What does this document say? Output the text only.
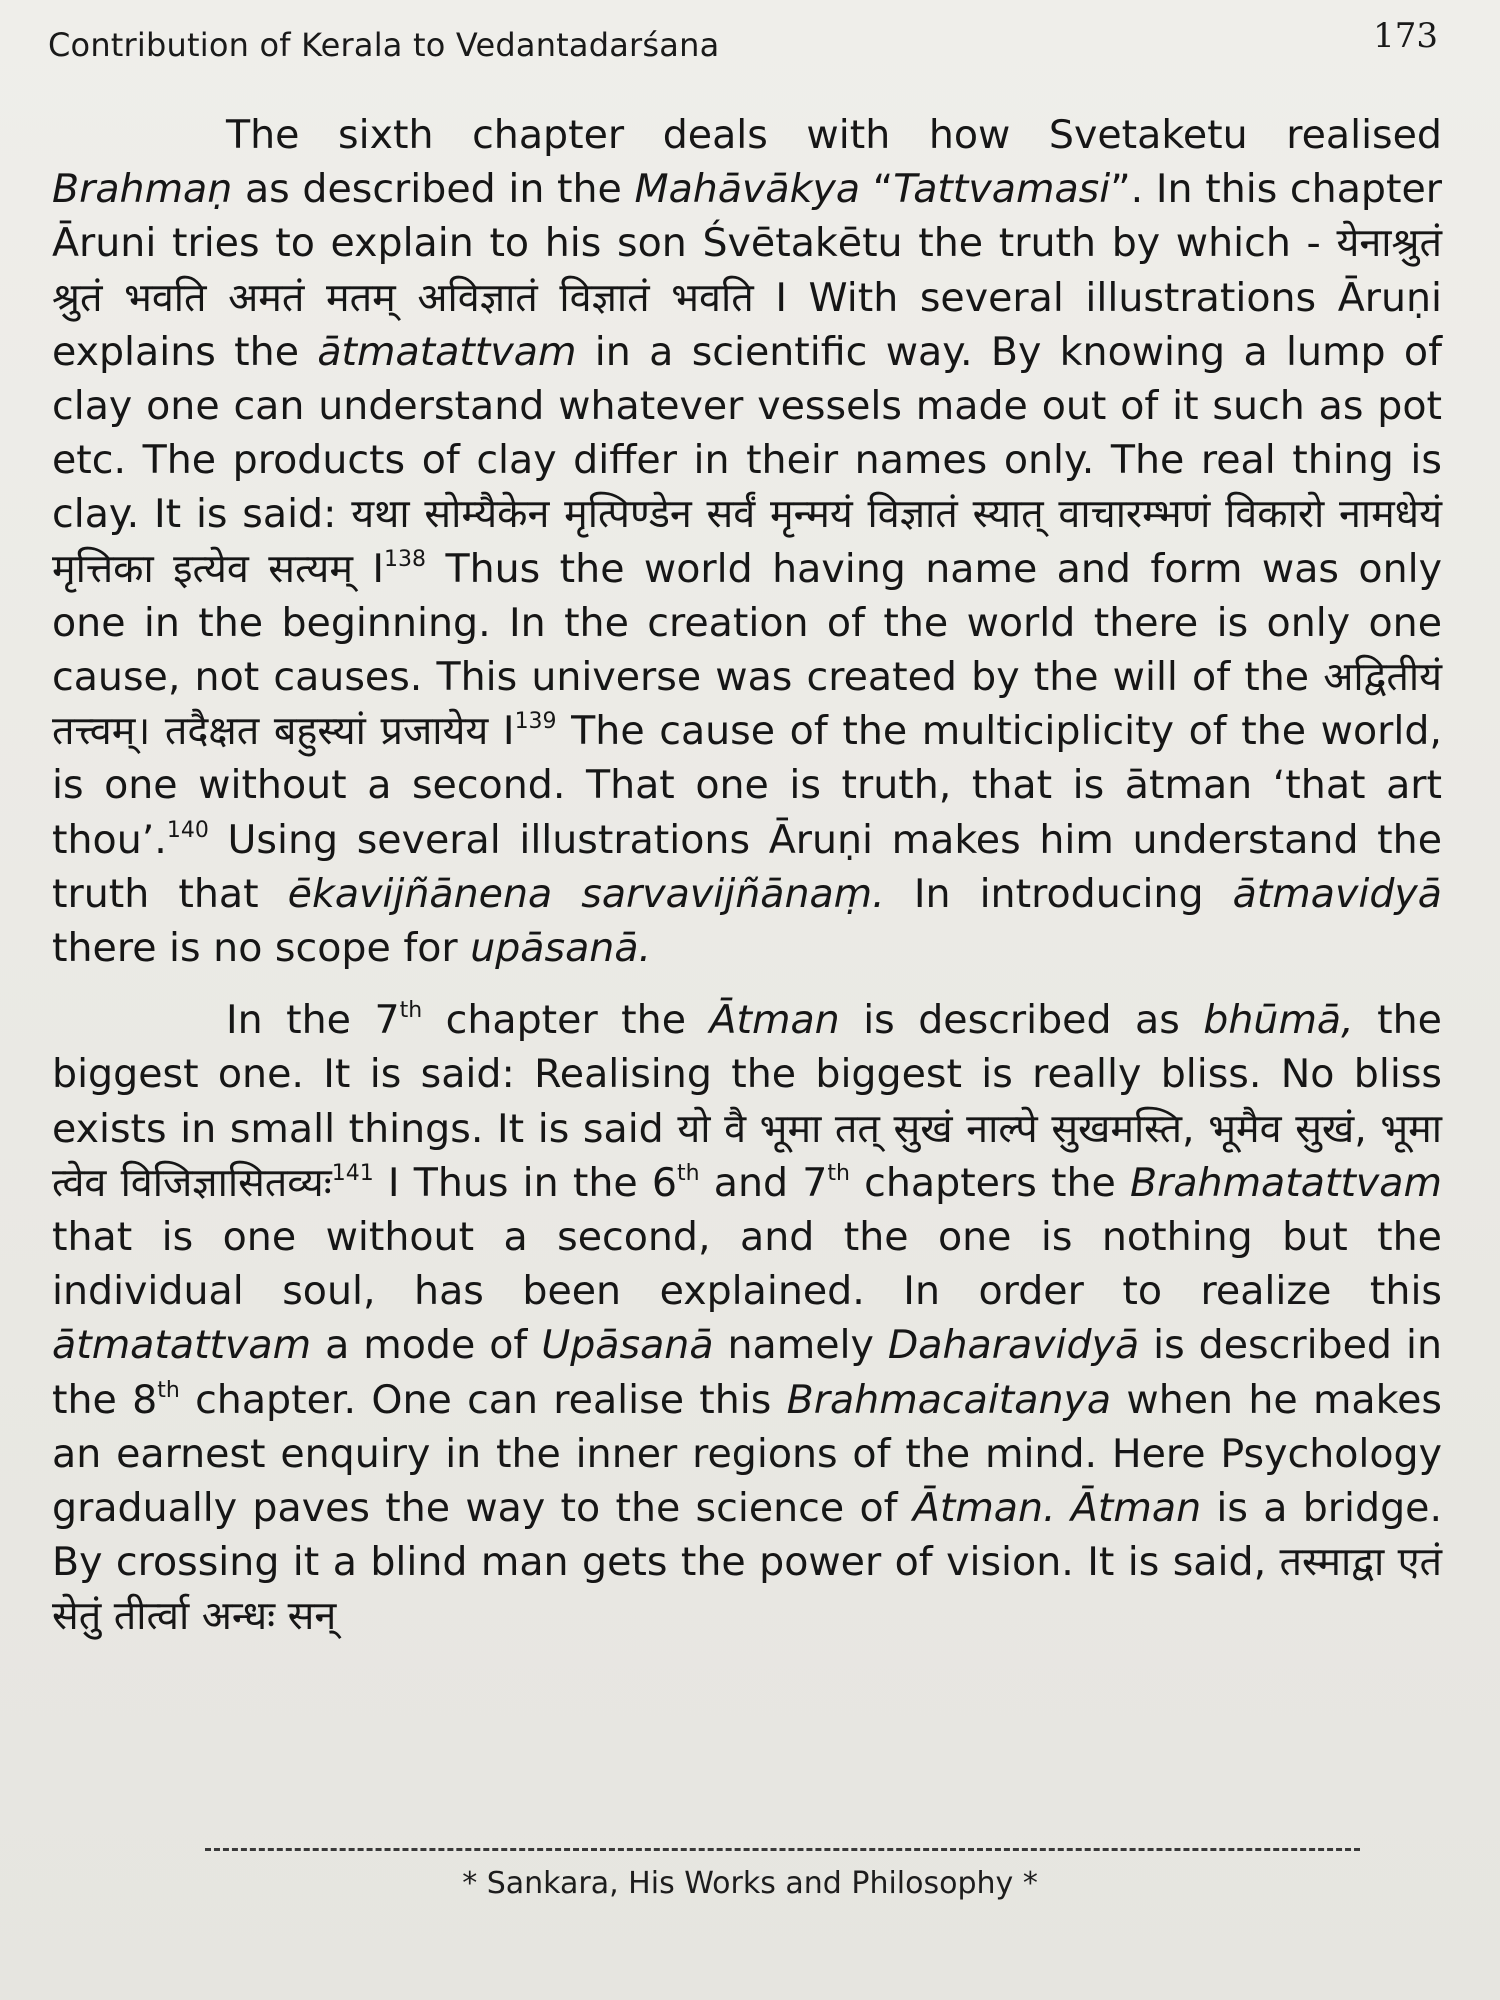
Contribution of Kerala to Vedantadarśana	173

The sixth chapter deals with how Svetaketu realised Brahmaṇ as described in the Mahāvākya “Tattvamasi”. In this chapter Āruni tries to explain to his son Śvētakētu the truth by which - येनाश्रुतं श्रुतं भवति अमतं मतम् अविज्ञातं विज्ञातं भवति I With several illustrations Āruṇi explains the ātmatattvam in a scientific way. By knowing a lump of clay one can understand whatever vessels made out of it such as pot etc. The products of clay differ in their names only. The real thing is clay. It is said: यथा सोम्यैकेन मृत्पिण्डेन सर्वं मृन्मयं विज्ञातं स्यात् वाचारम्भणं विकारो नामधेयं मृत्तिका इत्येव सत्यम् $I^{138}$ Thus the world having name and form was only one in the beginning. In the creation of the world there is only one cause, not causes. This universe was created by the will of the अद्वितीयं तत्त्वम्। तदैक्षत बहुस्यां प्रजायेय $I^{139}$ The cause of the multiciplicity of the world, is one without a second. That one is truth, that is ātman ‘that art thou’.$^{140}$ Using several illustrations Āruṇi makes him understand the truth that ēkavijñānena sarvavijñānaṃ. In introducing ātmavidyā there is no scope for upāsanā.

In the 7th chapter the Ātman is described as bhūmā, the biggest one. It is said: Realising the biggest is really bliss. No bliss exists in small things. It is said यो वै भूमा तत् सुखं नाल्पे सुखमस्ति, भूमैव सुखं, भूमा त्वेव विजिज्ञासितव्यः$^{141}$ I Thus in the 6th and 7th chapters the Brahmatattvam that is one without a second, and the one is nothing but the individual soul, has been explained. In order to realize this ātmatattvam a mode of Upāsanā namely Daharavidyā is described in the 8th chapter. One can realise this Brahmacaitanya when he makes an earnest enquiry in the inner regions of the mind. Here Psychology gradually paves the way to the science of Ātman. Ātman is a bridge. By crossing it a blind man gets the power of vision. It is said, तस्माद्वा एतं सेतुं तीर्त्वा अन्धः सन्

* Sankara, His Works and Philosophy *
